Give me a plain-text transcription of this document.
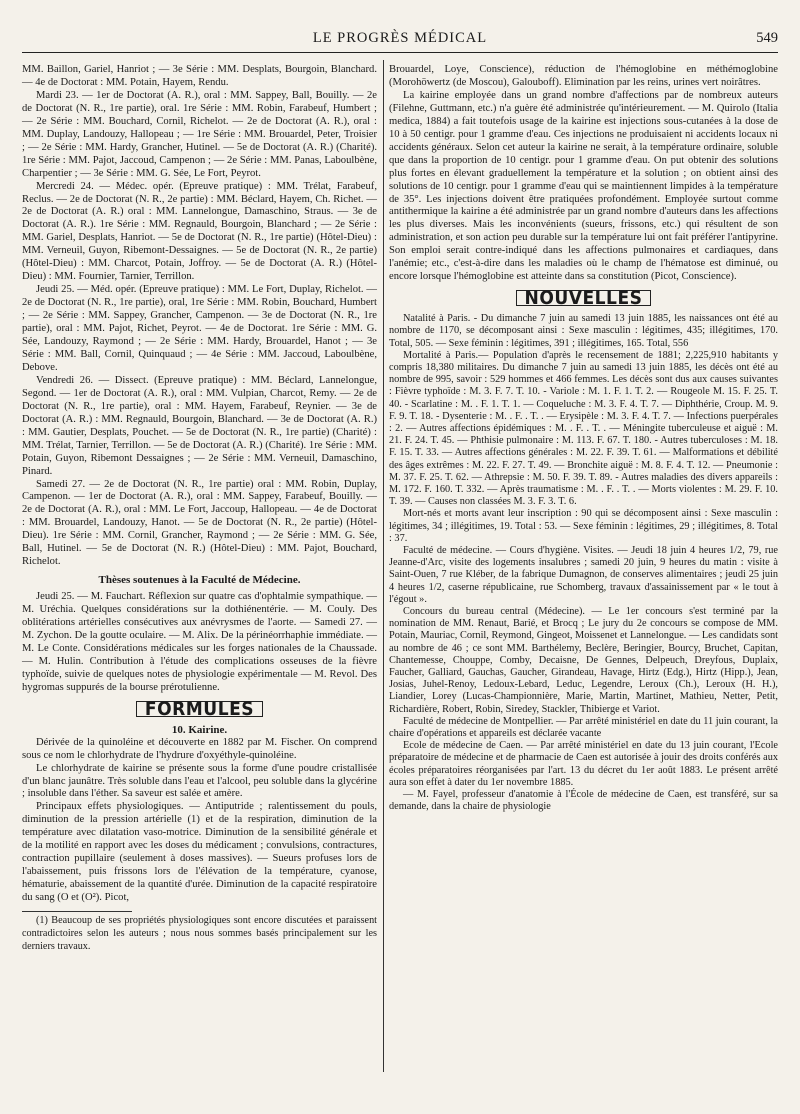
LE PROGRÈS MÉDICAL	549

MM. Baillon, Gariel, Hanriot ; — 3e Série : MM. Desplats, Bourgoin, Blanchard. — 4e de Doctorat : MM. Potain, Hayem, Rendu.

Mardi 23. — 1er de Doctorat (A. R.), oral : MM. Sappey, Ball, Bouilly. — 2e de Doctorat (N. R., 1re partie), oral. 1re Série : MM. Robin, Farabeuf, Humbert ; — 2e Série : MM. Bouchard, Cornil, Richelot. — 2e de Doctorat (A. R.), oral : MM. Duplay, Landouzy, Hallopeau ; — 1re Série : MM. Brouardel, Peter, Troisier ; — 2e Série : MM. Hardy, Grancher, Hutinel. — 5e de Doctorat (A. R.) (Charité). 1re Série : MM. Pajot, Jaccoud, Campenon ; — 2e Série : MM. Panas, Laboulbène, Charpentier ; — 3e Série : MM. G. Sée, Le Fort, Peyrot.

Mercredi 24. — Médec. opér. (Epreuve pratique) : MM. Trélat, Farabeuf, Reclus. — 2e de Doctorat (N. R., 2e partie) : MM. Béclard, Hayem, Ch. Richet. — 2e de Doctorat (A. R.) oral : MM. Lannelongue, Damaschino, Straus. — 3e de Doctorat (A. R.). 1re Série : MM. Regnauld, Bourgoin, Blanchard ; — 2e Série : MM. Gariel, Desplats, Hanriot. — 5e de Doctorat (N. R., 1re partie) (Hôtel-Dieu) : MM. Verneuil, Guyon, Ribemont-Dessaignes. — 5e de Doctorat (N. R., 2e partie) (Hôtel-Dieu) : MM. Charcot, Potain, Joffroy. — 5e de Doctorat (A. R.) (Hôtel-Dieu) : MM. Fournier, Tarnier, Terrillon.

Jeudi 25. — Méd. opér. (Epreuve pratique) : MM. Le Fort, Duplay, Richelot. — 2e de Doctorat (N. R., 1re partie), oral, 1re Série : MM. Robin, Bouchard, Humbert ; — 2e Série : MM. Sappey, Grancher, Campenon. — 3e de Doctorat (N. R., 1re partie), oral : MM. Pajot, Richet, Peyrot. — 4e de Doctorat. 1re Série : MM. G. Sée, Landouzy, Raymond ; — 2e Série : MM. Hardy, Brouardel, Hanot ; — 3e Série : MM. Ball, Cornil, Quinquaud ; — 4e Série : MM. Jaccoud, Laboulbène, Debove.

Vendredi 26. — Dissect. (Epreuve pratique) : MM. Béclard, Lannelongue, Segond. — 1er de Doctorat (A. R.), oral : MM. Vulpian, Charcot, Remy. — 2e de Doctorat (N. R., 1re partie), oral : MM. Hayem, Farabeuf, Reynier. — 3e de Doctorat (A. R.) : MM. Regnauld, Bourgoin, Blanchard. — 3e de Doctorat (A. R.) : MM. Gautier, Desplats, Pouchet. — 5e de Doctorat (N. R., 1re partie) (Charité) : MM. Trélat, Tarnier, Terrillon. — 5e de Doctorat (A. R.) (Charité). 1re Série : MM. Potain, Guyon, Ribemont Dessaignes ; — 2e Série : MM. Verneuil, Damaschino, Pinard.

Samedi 27. — 2e de Doctorat (N. R., 1re partie) oral : MM. Robin, Duplay, Campenon. — 1er de Doctorat (A. R.), oral : MM. Sappey, Farabeuf, Bouilly. — 2e de Doctorat (A. R.), oral : MM. Le Fort, Jaccoup, Hallopeau. — 4e de Doctorat : MM. Brouardel, Landouzy, Hanot. — 5e de Doctorat (N. R., 2e partie) (Hôtel-Dieu). 1re Série : MM. Cornil, Grancher, Raymond ; — 2e Série : MM. G. Sée, Ball, Hutinel. — 5e de Doctorat (N. R.) (Hôtel-Dieu) : MM. Pajot, Bouchard, Richelot.

Thèses soutenues à la Faculté de Médecine.

Jeudi 25. — M. Fauchart. Réflexion sur quatre cas d'ophtalmie sympathique. — M. Uréchia. Quelques considérations sur la dothiénentérie. — M. Couly. Des oblitérations artérielles consécutives aux anévrysmes de l'aorte. — Samedi 27. — M. Zychon. De la goutte oculaire. — M. Alix. De la périnéorrhaphie immédiate. — M. Le Conte. Considérations médicales sur les forges nationales de la Chaussade. — M. Hulin. Contribution à l'étude des complications osseuses de la fièvre typhoïde, suivie de quelques notes de physiologie expérimentale — M. Revol. Des hygromas suppurés de la bourse prérotulienne.

FORMULES
10. Kairine.

Dérivée de la quinoléine et découverte en 1882 par M. Fischer. On comprend sous ce nom le chlorhydrate de l'hydrure d'oxyéthyle-quinoléine.

Le chlorhydrate de kairine se présente sous la forme d'une poudre cristallisée d'un blanc jaunâtre. Très soluble dans l'eau et l'alcool, peu soluble dans la glycérine ; insoluble dans l'éther. Sa saveur est salée et amère.

Principaux effets physiologiques. — Antiputride ; ralentissement du pouls, diminution de la pression artérielle (1) et de la respiration, diminution de la température avec dilatation vaso-motrice. Diminution de la sensibilité générale et de la motilité en rapport avec les doses du médicament ; convulsions, contractures, contraction pupillaire (seulement à doses massives). — Sueurs profuses lors de l'abaissement, puis frissons lors de l'élévation de la température, cyanose, hématurie, abaissement de la quantité d'urée. Diminution de la capacité respiratoire du sang (O et (O²). Picot,

(1) Beaucoup de ses propriétés physiologiques sont encore discutées et paraissent contradictoires selon les auteurs ; nous nous sommes basés principalement sur les derniers travaux.

Brouardel, Loye, Conscience), réduction de l'hémoglobine en méthémoglobine (Morohöwertz (de Moscou), Galouboff). Elimination par les reins, urines vert noirâtres.

La kairine employée dans un grand nombre d'affections par de nombreux auteurs (Filehne, Guttmann, etc.) n'a guère été administrée qu'intérieurement. — M. Quirolo (Italia medica, 1884) a fait toutefois usage de la kairine est injections sous-cutanées à la dose de 10 à 50 centigr. pour 1 gramme d'eau. Ces injections ne produisaient ni accidents locaux ni accidents généraux. Selon cet auteur la kairine ne serait, à la température ordinaire, soluble que dans la proportion de 10 centigr. pour 1 gramme d'eau. On put obtenir des solutions plus fortes en élevant graduellement la température et la solution ; on obtient ainsi des solutions de 10 centigr. pour 1 gramme d'eau qui se maintiennent limpides à la température de 35°. Les injections doivent être pratiquées profondément. Employée surtout comme antithermique la kairine a été administrée par un grand nombre d'auteurs dans les affections les plus diverses. Mais les inconvénients (sueurs, frissons, etc.) qui résultent de son administration, et son action peu durable sur la température lui ont fait préférer l'antipyrine. Son emploi serait contre-indiqué dans les affections pulmonaires et cardiaques, dans l'anémie; etc., c'est-à-dire dans les maladies où le champ de l'hématose est diminué, ou encore lorsque l'hémoglobine est atteinte dans sa constitution (Picot, Conscience).

NOUVELLES

Natalité à Paris. - Du dimanche 7 juin au samedi 13 juin 1885, les naissances ont été au nombre de 1170, se décomposant ainsi : Sexe masculin : légitimes, 435; illégitimes, 170. Total, 505. — Sexe féminin : légitimes, 391 ; illégitimes, 165. Total, 556

Mortalité à Paris.— Population d'après le recensement de 1881; 2,225,910 habitants y compris 18,380 militaires. Du dimanche 7 juin au samedi 13 juin 1885, les décès ont été au nombre de 995, savoir : 529 hommes et 466 femmes. Les décès sont dus aux causes suivantes : Fièvre typhoïde : M. 3. F. 7. T. 10. - Variole : M. 1. F. 1. T. 2. — Rougeole M. 15. F. 25. T. 40. - Scarlatine : M. . F. 1. T. 1. — Coqueluche : M. 3. F. 4. T. 7. — Diphthérie, Croup. M. 9. F. 9. T. 18. - Dysenterie : M. . F. . T. . — Erysipèle : M. 3. F. 4. T. 7. — Infections puerpérales : 2. — Autres affections épidémiques : M. . F. . T. . — Méningite tuberculeuse et aiguë : M. 21. F. 24. T. 45. — Phthisie pulmonaire : M. 113. F. 67. T. 180. - Autres tuberculoses : M. 18. F. 15. T. 33. — Autres affections générales : M. 22. F. 39. T. 61. — Malformations et débilité des âges extrêmes : M. 22. F. 27. T. 49. — Bronchite aiguë : M. 8. F. 4. T. 12. — Pneumonie : M. 37. F. 25. T. 62. — Athrepsie : M. 50. F. 39. T. 89. - Autres maladies des divers appareils : M. 172. F. 160. T. 332. — Après traumatisme : M. . F. . T. . — Morts violentes : M. 29. F. 10. T. 39. — Causes non classées M. 3. F. 3. T. 6.

Mort-nés et morts avant leur inscription : 90 qui se décomposent ainsi : Sexe masculin : légitimes, 34 ; illégitimes, 19. Total : 53. — Sexe féminin : légitimes, 29 ; illégitimes, 8. Total : 37.

Faculté de médecine. — Cours d'hygiène. Visites. — Jeudi 18 juin 4 heures 1/2, 79, rue Jeanne-d'Arc, visite des logements insalubres ; samedi 20 juin, 9 heures du matin : visite à Saint-Ouen, 7 rue Kléber, de la fabrique Dumagnon, de conserves alimentaires ; jeudi 25 juin 4 heures 1/2, caserne républicaine, rue Schomberg, travaux d'assainissement par « le tout à l'égout ».

Concours du bureau central (Médecine). — Le 1er concours s'est terminé par la nomination de MM. Renaut, Barié, et Brocq ; Le jury du 2e concours se compose de MM. Potain, Mauriac, Cornil, Reymond, Gingeot, Moissenet et Lannelongue. — Les candidats sont au nombre de 46 ; ce sont MM. Barthélemy, Beclère, Beringier, Bourcy, Bruchet, Capitan, Chantemesse, Chouppe, Comby, Decaisne, De Gennes, Delpeuch, Dreyfous, Duplaix, Faucher, Galliard, Gauchas, Gaucher, Girandeau, Havage, Hirtz (Edg.), Hirtz (Hipp.), Jean, Josias, Juhel-Renoy, Ledoux-Lebard, Leduc, Legendre, Leroux (Ch.), Leroux (H. H.), Liandier, Lorey (Lucas-Championnière, Marie, Martin, Martinet, Mathieu, Netter, Petit, Richardière, Robert, Robin, Siredey, Stackler, Thibierge et Variot.

Faculté de médecine de Montpellier. — Par arrêté ministériel en date du 11 juin courant, la chaire d'opérations et appareils est déclarée vacante

Ecole de médecine de Caen. — Par arrêté ministériel en date du 13 juin courant, l'Ecole préparatoire de médecine et de pharmacie de Caen est autorisée à jouir des droits conférés aux écoles préparatoires réorganisées par l'art. 13 du décret du 1er août 1883. Le présent arrêté aura son effet à dater du 1er novembre 1885.

— M. Fayel, professeur d'anatomie à l'École de médecine de Caen, est transféré, sur sa demande, dans la chaire de physiologie
